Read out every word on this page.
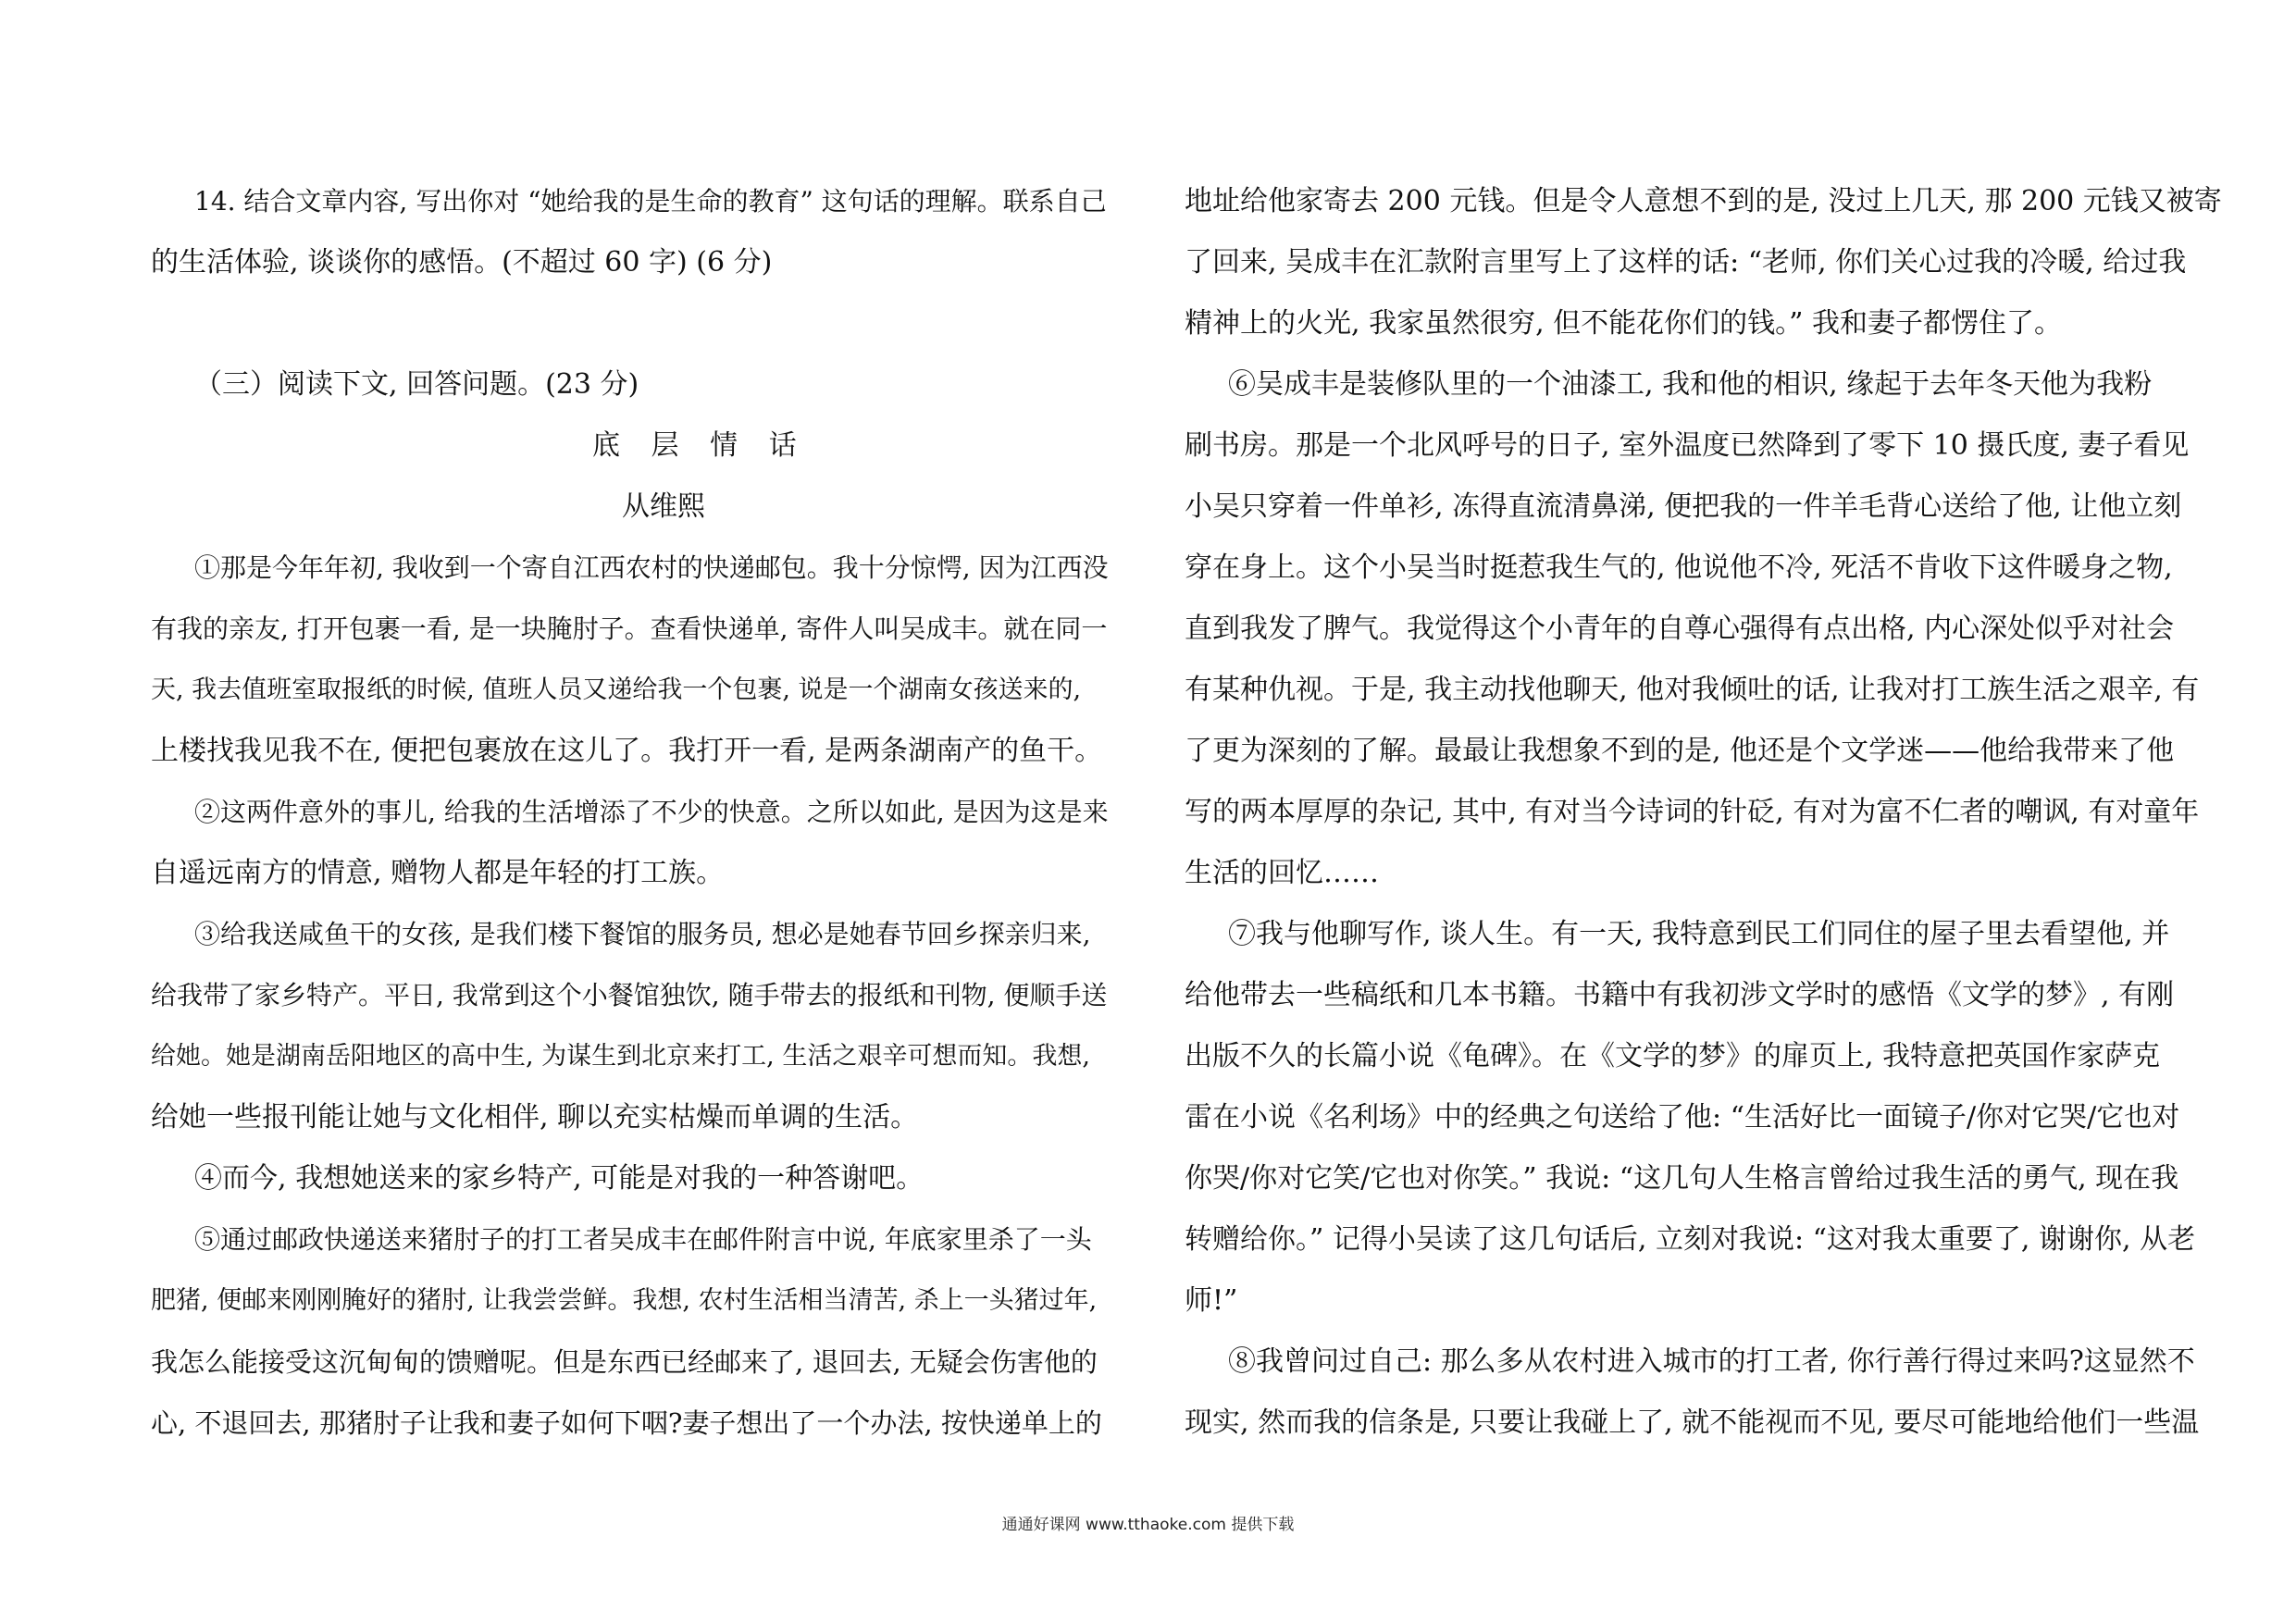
14. 结合文章内容, 写出你对 “她给我的是生命的教育” 这句话的理解。联系自己
的生活体验, 谈谈你的感悟。(不超过 60 字) (6 分)
（三）阅读下文, 回答问题。(23 分)
底 层 情 话
从维熙
①那是今年年初, 我收到一个寄自江西农村的快递邮包。我十分惊愕, 因为江西没
有我的亲友, 打开包裹一看, 是一块腌肘子。查看快递单, 寄件人叫吴成丰。就在同一
天, 我去值班室取报纸的时候, 值班人员又递给我一个包裹, 说是一个湖南女孩送来的,
上楼找我见我不在, 便把包裹放在这儿了。我打开一看, 是两条湖南产的鱼干。
②这两件意外的事儿, 给我的生活增添了不少的快意。之所以如此, 是因为这是来
自遥远南方的情意, 赠物人都是年轻的打工族。
③给我送咸鱼干的女孩, 是我们楼下餐馆的服务员, 想必是她春节回乡探亲归来,
给我带了家乡特产。平日, 我常到这个小餐馆独饮, 随手带去的报纸和刊物, 便顺手送
给她。她是湖南岳阳地区的高中生, 为谋生到北京来打工, 生活之艰辛可想而知。我想,
给她一些报刊能让她与文化相伴, 聊以充实枯燥而单调的生活。
④而今, 我想她送来的家乡特产, 可能是对我的一种答谢吧。
⑤通过邮政快递送来猪肘子的打工者吴成丰在邮件附言中说, 年底家里杀了一头
肥猪, 便邮来刚刚腌好的猪肘, 让我尝尝鲜。我想, 农村生活相当清苦, 杀上一头猪过年,
我怎么能接受这沉甸甸的馈赠呢。但是东西已经邮来了, 退回去, 无疑会伤害他的
心, 不退回去, 那猪肘子让我和妻子如何下咽?妻子想出了一个办法, 按快递单上的
地址给他家寄去 200 元钱。但是令人意想不到的是, 没过上几天, 那 200 元钱又被寄
了回来, 吴成丰在汇款附言里写上了这样的话: “老师, 你们关心过我的冷暖, 给过我
精神上的火光, 我家虽然很穷, 但不能花你们的钱。” 我和妻子都愣住了。
⑥吴成丰是装修队里的一个油漆工, 我和他的相识, 缘起于去年冬天他为我粉
刷书房。那是一个北风呼号的日子, 室外温度已然降到了零下 10 摄氏度, 妻子看见
小吴只穿着一件单衫, 冻得直流清鼻涕, 便把我的一件羊毛背心送给了他, 让他立刻
穿在身上。这个小吴当时挺惹我生气的, 他说他不冷, 死活不肯收下这件暖身之物,
直到我发了脾气。我觉得这个小青年的自尊心强得有点出格, 内心深处似乎对社会
有某种仇视。于是, 我主动找他聊天, 他对我倾吐的话, 让我对打工族生活之艰辛, 有
了更为深刻的了解。最最让我想象不到的是, 他还是个文学迷——他给我带来了他
写的两本厚厚的杂记, 其中, 有对当今诗词的针砭, 有对为富不仁者的嘲讽, 有对童年
生活的回忆……
⑦我与他聊写作, 谈人生。有一天, 我特意到民工们同住的屋子里去看望他, 并
给他带去一些稿纸和几本书籍。书籍中有我初涉文学时的感悟《文学的梦》, 有刚
出版不久的长篇小说《龟碑》。在《文学的梦》的扉页上, 我特意把英国作家萨克
雷在小说《名利场》中的经典之句送给了他: “生活好比一面镜子/你对它哭/它也对
你哭/你对它笑/它也对你笑。” 我说: “这几句人生格言曾给过我生活的勇气, 现在我
转赠给你。” 记得小吴读了这几句话后, 立刻对我说: “这对我太重要了, 谢谢你, 从老
师!”
⑧我曾问过自己: 那么多从农村进入城市的打工者, 你行善行得过来吗?这显然不
现实, 然而我的信条是, 只要让我碰上了, 就不能视而不见, 要尽可能地给他们一些温
通通好课网 www.tthaoke.com 提供下载
